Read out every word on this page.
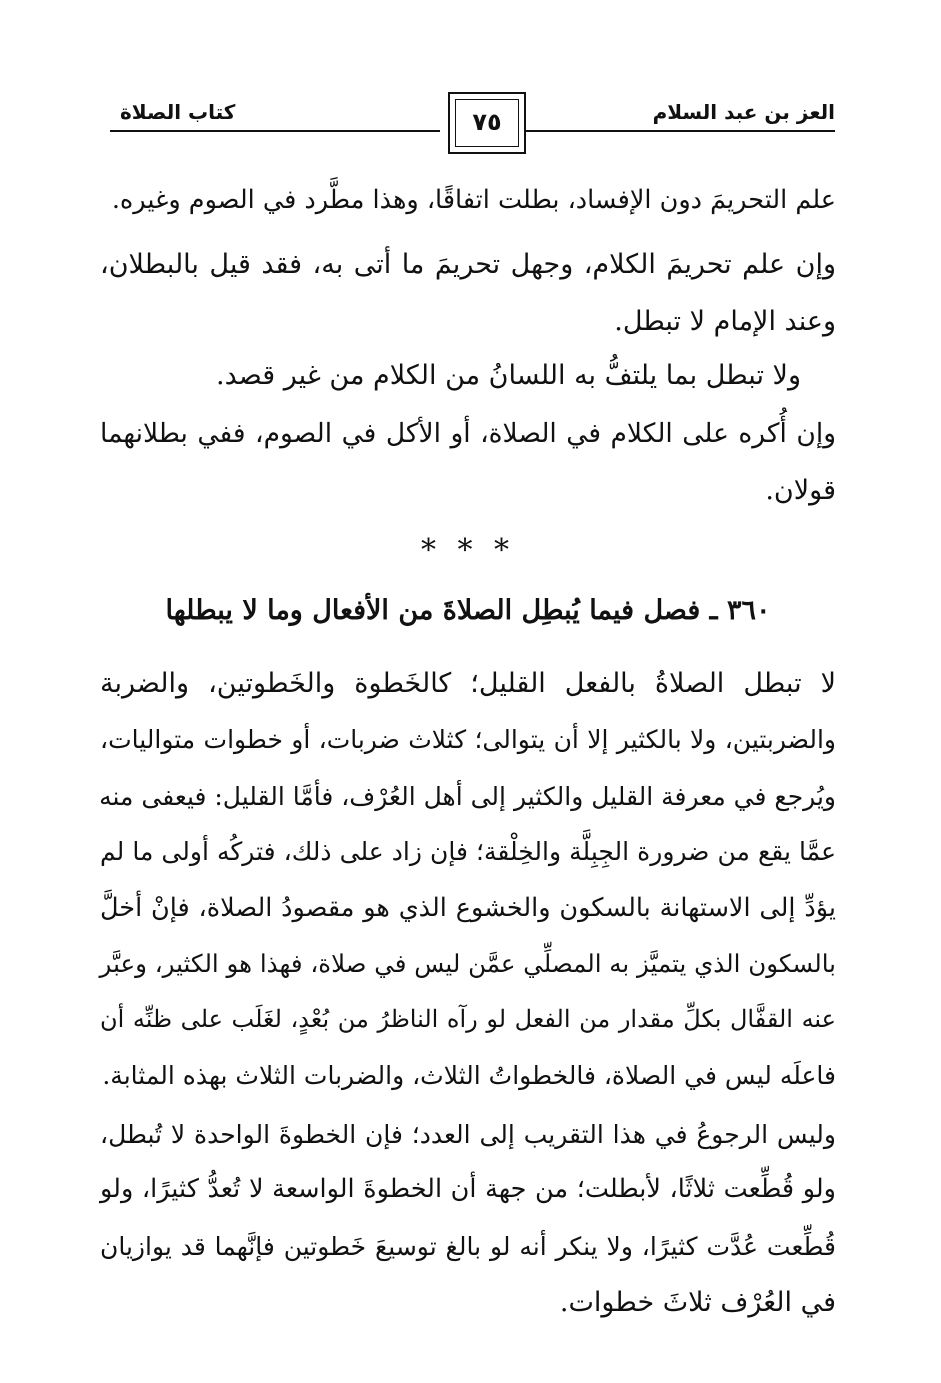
كتاب الصلاة	٧٥	العز بن عبد السلام
علم التحريمَ دون الإفساد، بطلت اتفاقًا، وهذا مطَّرد في الصوم وغيره.
وإن علم تحريمَ الكلام، وجهل تحريمَ ما أتى به، فقد قيل بالبطلان،
وعند الإمام لا تبطل.
ولا تبطل بما يلتفُّ به اللسانُ من الكلام من غير قصد.
وإن أُكره على الكلام في الصلاة، أو الأكل في الصوم، ففي بطلانهما
قولان.
* * *
٣٦٠ ـ فصل فيما يُبطِل الصلاةَ من الأفعال وما لا يبطلها
لا تبطل الصلاةُ بالفعل القليل؛ كالخَطوة والخَطوتين، والضربة
والضربتين، ولا بالكثير إلا أن يتوالى؛ كثلاث ضربات، أو خطوات متواليات،
ويُرجع في معرفة القليل والكثير إلى أهل العُرْف، فأمَّا القليل: فيعفى منه
عمَّا يقع من ضرورة الجِبِلَّة والخِلْقة؛ فإن زاد على ذلك، فتركُه أولى ما لم
يؤدِّ إلى الاستهانة بالسكون والخشوع الذي هو مقصودُ الصلاة، فإنْ أخلَّ
بالسكون الذي يتميَّز به المصلِّي عمَّن ليس في صلاة، فهذا هو الكثير، وعبَّر
عنه القفَّال بكلِّ مقدار من الفعل لو رآه الناظرُ من بُعْدٍ، لغَلَب على ظنِّه أن
فاعلَه ليس في الصلاة، فالخطواتُ الثلاث، والضربات الثلاث بهذه المثابة.
وليس الرجوعُ في هذا التقريب إلى العدد؛ فإن الخطوةَ الواحدة لا تُبطل،
ولو قُطِّعت ثلاثًا، لأبطلت؛ من جهة أن الخطوةَ الواسعة لا تُعدُّ كثيرًا، ولو
قُطِّعت عُدَّت كثيرًا، ولا ينكر أنه لو بالغ توسيعَ خَطوتين فإنَّهما قد يوازيان
في العُرْف ثلاثَ خطوات.
